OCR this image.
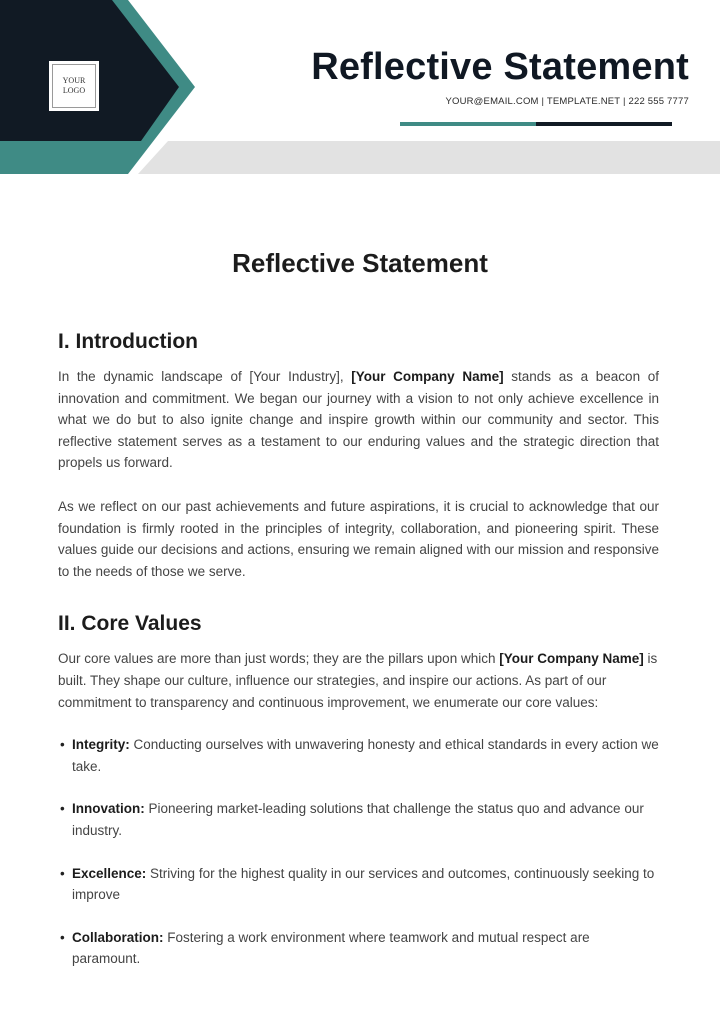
YOUR
LOGO
Reflective Statement
YOUR@EMAIL.COM | TEMPLATE.NET | 222 555 7777
Reflective Statement
I. Introduction

In the dynamic landscape of [Your Industry], [Your Company Name] stands as a beacon of innovation and commitment. We began our journey with a vision to not only achieve excellence in what we do but to also ignite change and inspire growth within our community and sector. This reflective statement serves as a testament to our enduring values and the strategic direction that propels us forward.

As we reflect on our past achievements and future aspirations, it is crucial to acknowledge that our foundation is firmly rooted in the principles of integrity, collaboration, and pioneering spirit. These values guide our decisions and actions, ensuring we remain aligned with our mission and responsive to the needs of those we serve.

II. Core Values

Our core values are more than just words; they are the pillars upon which [Your Company Name] is built. They shape our culture, influence our strategies, and inspire our actions. As part of our commitment to transparency and continuous improvement, we enumerate our core values:

• Integrity: Conducting ourselves with unwavering honesty and ethical standards in every action we take.
• Innovation: Pioneering market-leading solutions that challenge the status quo and advance our industry.
• Excellence: Striving for the highest quality in our services and outcomes, continuously seeking to improve
• Collaboration: Fostering a work environment where teamwork and mutual respect are paramount.
